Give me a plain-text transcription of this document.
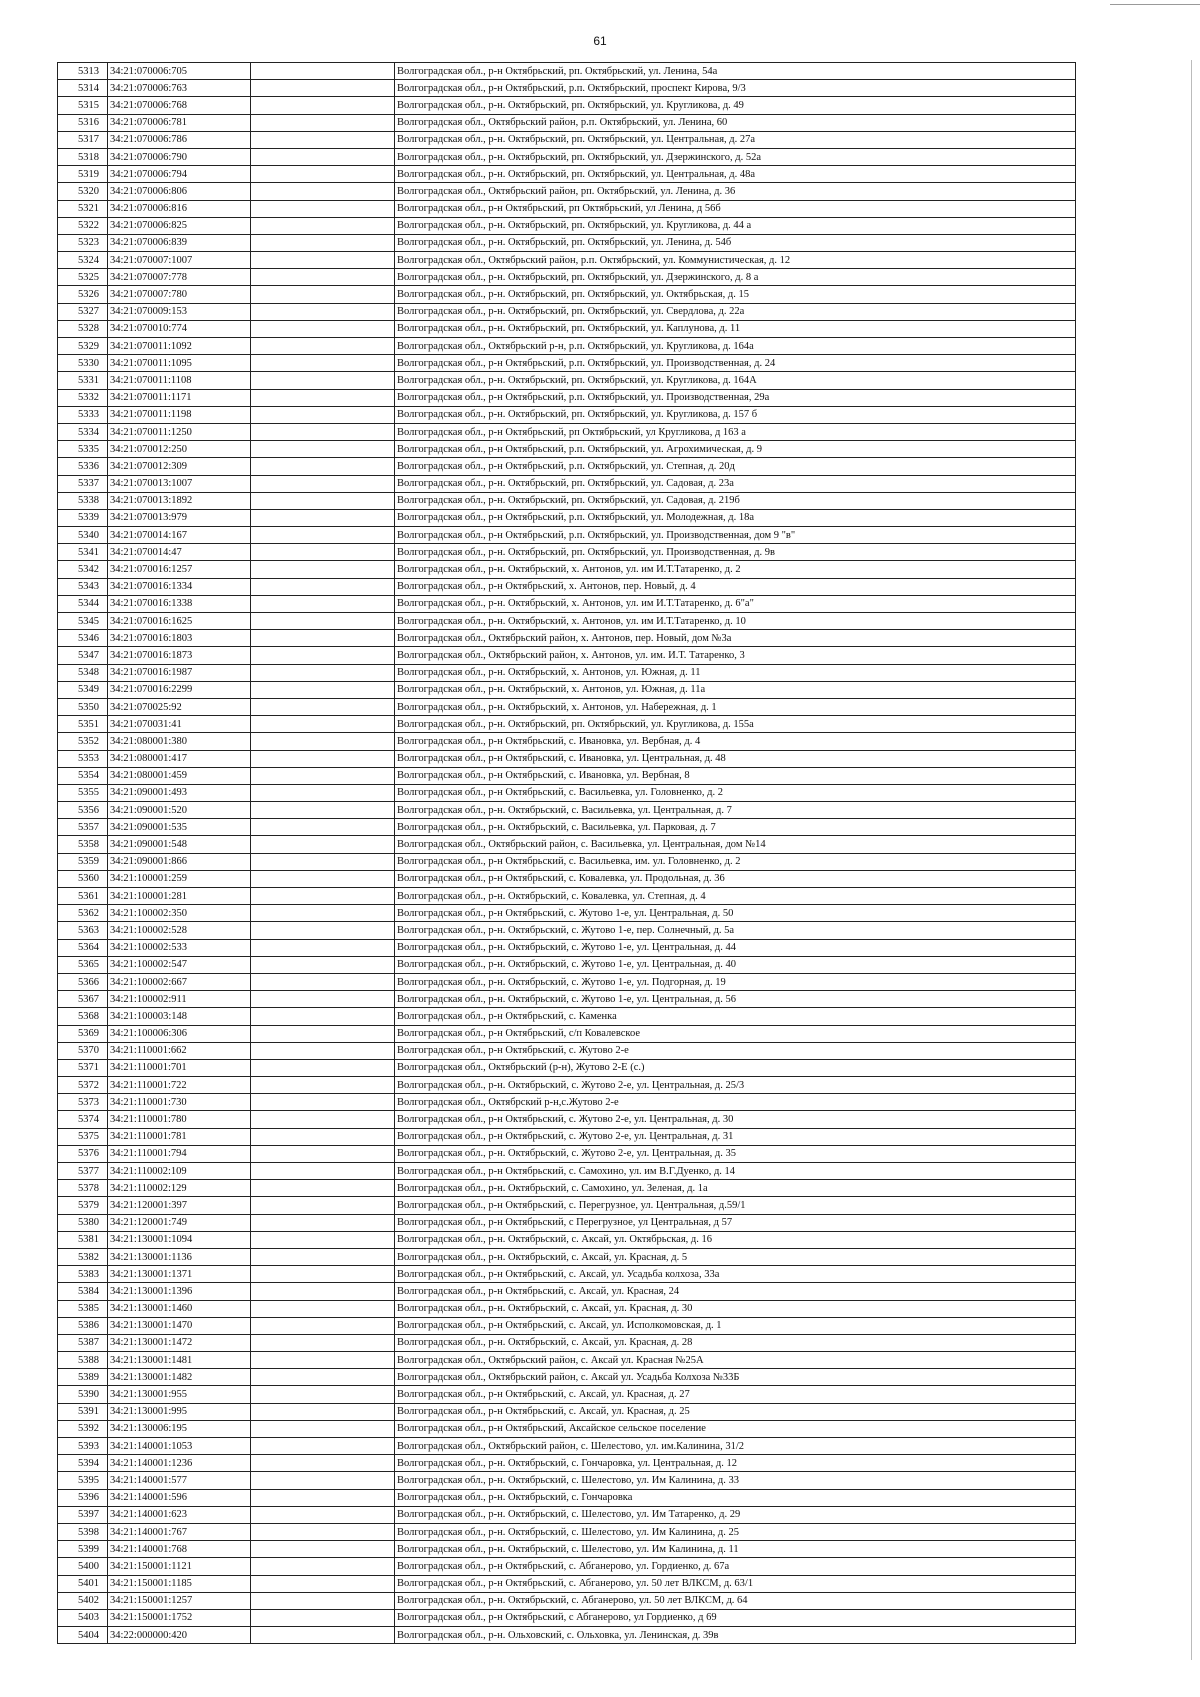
61
5313	34:21:070006:705		Волгоградская обл., р-н Октябрьский, рп. Октябрьский, ул. Ленина, 54а
5314	34:21:070006:763		Волгоградская обл., р-н Октябрьский, р.п. Октябрьский, проспект Кирова, 9/3
5315	34:21:070006:768		Волгоградская обл., р-н. Октябрьский, рп. Октябрьский, ул. Кругликова, д. 49
5316	34:21:070006:781		Волгоградская обл., Октябрьский район, р.п. Октябрьский, ул. Ленина, 60
5317	34:21:070006:786		Волгоградская обл., р-н. Октябрьский, рп. Октябрьский, ул. Центральная, д. 27а
5318	34:21:070006:790		Волгоградская обл., р-н. Октябрьский, рп. Октябрьский, ул. Дзержинского, д. 52а
5319	34:21:070006:794		Волгоградская обл., р-н. Октябрьский, рп. Октябрьский, ул. Центральная, д. 48а
5320	34:21:070006:806		Волгоградская обл., Октябрьский район, рп. Октябрьский, ул. Ленина, д. 36
5321	34:21:070006:816		Волгоградская обл., р-н Октябрьский, рп Октябрьский, ул Ленина, д 56б
5322	34:21:070006:825		Волгоградская обл., р-н. Октябрьский, рп. Октябрьский, ул. Кругликова, д. 44 а
5323	34:21:070006:839		Волгоградская обл., р-н. Октябрьский, рп. Октябрьский, ул. Ленина, д. 54б
5324	34:21:070007:1007		Волгоградская обл., Октябрьский район, р.п. Октябрьский, ул. Коммунистическая, д. 12
5325	34:21:070007:778		Волгоградская обл., р-н. Октябрьский, рп. Октябрьский, ул. Дзержинского, д. 8 а
5326	34:21:070007:780		Волгоградская обл., р-н. Октябрьский, рп. Октябрьский, ул. Октябрьская, д. 15
5327	34:21:070009:153		Волгоградская обл., р-н. Октябрьский, рп. Октябрьский, ул. Свердлова, д. 22а
5328	34:21:070010:774		Волгоградская обл., р-н. Октябрьский, рп. Октябрьский, ул. Каплунова, д. 11
5329	34:21:070011:1092		Волгоградская обл., Октябрьский р-н, р.п. Октябрьский, ул. Кругликова, д. 164а
5330	34:21:070011:1095		Волгоградская обл., р-н Октябрьский, р.п. Октябрьский, ул. Производственная, д. 24
5331	34:21:070011:1108		Волгоградская обл., р-н. Октябрьский, рп. Октябрьский, ул. Кругликова, д. 164А
5332	34:21:070011:1171		Волгоградская обл., р-н Октябрьский, р.п. Октябрьский, ул. Производственная, 29а
5333	34:21:070011:1198		Волгоградская обл., р-н. Октябрьский, рп. Октябрьский, ул. Кругликова, д. 157 б
5334	34:21:070011:1250		Волгоградская обл., р-н Октябрьский, рп Октябрьский, ул Кругликова, д 163 а
5335	34:21:070012:250		Волгоградская обл., р-н Октябрьский, р.п. Октябрьский, ул. Агрохимическая, д. 9
5336	34:21:070012:309		Волгоградская обл., р-н Октябрьский, р.п. Октябрьский, ул. Степная, д. 20д
5337	34:21:070013:1007		Волгоградская обл., р-н. Октябрьский, рп. Октябрьский, ул. Садовая, д. 23а
5338	34:21:070013:1892		Волгоградская обл., р-н. Октябрьский, рп. Октябрьский, ул. Садовая, д. 219б
5339	34:21:070013:979		Волгоградская обл., р-н Октябрьский, р.п. Октябрьский, ул. Молодежная, д. 18а
5340	34:21:070014:167		Волгоградская обл., р-н Октябрьский, р.п. Октябрьский, ул. Производственная, дом 9 "в"
5341	34:21:070014:47		Волгоградская обл., р-н. Октябрьский, рп. Октябрьский, ул. Производственная, д. 9в
5342	34:21:070016:1257		Волгоградская обл., р-н. Октябрьский, х. Антонов, ул. им И.Т.Татаренко, д. 2
5343	34:21:070016:1334		Волгоградская обл., р-н Октябрьский, х. Антонов, пер. Новый, д. 4
5344	34:21:070016:1338		Волгоградская обл., р-н. Октябрьский, х. Антонов, ул. им И.Т.Татаренко, д. 6"а"
5345	34:21:070016:1625		Волгоградская обл., р-н. Октябрьский, х. Антонов, ул. им И.Т.Татаренко, д. 10
5346	34:21:070016:1803		Волгоградская обл., Октябрьский район, х. Антонов, пер. Новый, дом №3а
5347	34:21:070016:1873		Волгоградская обл., Октябрьский район, х. Антонов, ул. им. И.Т. Татаренко, 3
5348	34:21:070016:1987		Волгоградская обл., р-н. Октябрьский, х. Антонов, ул. Южная, д. 11
5349	34:21:070016:2299		Волгоградская обл., р-н. Октябрьский, х. Антонов, ул. Южная, д. 11а
5350	34:21:070025:92		Волгоградская обл., р-н. Октябрьский, х. Антонов, ул. Набережная, д. 1
5351	34:21:070031:41		Волгоградская обл., р-н. Октябрьский, рп. Октябрьский, ул. Кругликова, д. 155а
5352	34:21:080001:380		Волгоградская обл., р-н Октябрьский, с. Ивановка, ул. Вербная, д. 4
5353	34:21:080001:417		Волгоградская обл., р-н Октябрьский, с. Ивановка, ул. Центральная, д. 48
5354	34:21:080001:459		Волгоградская обл., р-н Октябрьский, с. Ивановка, ул. Вербная, 8
5355	34:21:090001:493		Волгоградская обл., р-н Октябрьский, с. Васильевка, ул. Головненко, д. 2
5356	34:21:090001:520		Волгоградская обл., р-н. Октябрьский, с. Васильевка, ул. Центральная, д. 7
5357	34:21:090001:535		Волгоградская обл., р-н. Октябрьский, с. Васильевка, ул. Парковая, д. 7
5358	34:21:090001:548		Волгоградская обл., Октябрьский район, с. Васильевка, ул. Центральная, дом №14
5359	34:21:090001:866		Волгоградская обл., р-н Октябрьский, с. Васильевка, им. ул. Головненко, д. 2
5360	34:21:100001:259		Волгоградская обл., р-н Октябрьский, с. Ковалевка, ул. Продольная, д. 36
5361	34:21:100001:281		Волгоградская обл., р-н. Октябрьский, с. Ковалевка, ул. Степная, д. 4
5362	34:21:100002:350		Волгоградская обл., р-н Октябрьский, с. Жутово 1-е, ул. Центральная, д. 50
5363	34:21:100002:528		Волгоградская обл., р-н. Октябрьский, с. Жутово 1-е, пер. Солнечный, д. 5а
5364	34:21:100002:533		Волгоградская обл., р-н. Октябрьский, с. Жутово 1-е, ул. Центральная, д. 44
5365	34:21:100002:547		Волгоградская обл., р-н. Октябрьский, с. Жутово 1-е, ул. Центральная, д. 40
5366	34:21:100002:667		Волгоградская обл., р-н. Октябрьский, с. Жутово 1-е, ул. Подгорная, д. 19
5367	34:21:100002:911		Волгоградская обл., р-н. Октябрьский, с. Жутово 1-е, ул. Центральная, д. 56
5368	34:21:100003:148		Волгоградская обл., р-н Октябрьский, с. Каменка
5369	34:21:100006:306		Волгоградская обл., р-н Октябрьский, с/п Ковалевское
5370	34:21:110001:662		Волгоградская обл., р-н Октябрьский, с. Жутово 2-е
5371	34:21:110001:701		Волгоградская обл., Октябрьский (р-н), Жутово 2-Е (с.)
5372	34:21:110001:722		Волгоградская обл., р-н. Октябрьский, с. Жутово 2-е, ул. Центральная, д. 25/3
5373	34:21:110001:730		Волгоградская обл., Октябрский р-н,с.Жутово 2-е
5374	34:21:110001:780		Волгоградская обл., р-н Октябрьский, с. Жутово 2-е, ул. Центральная, д. 30
5375	34:21:110001:781		Волгоградская обл., р-н Октябрьский, с. Жутово 2-е, ул. Центральная, д. 31
5376	34:21:110001:794		Волгоградская обл., р-н. Октябрьский, с. Жутово 2-е, ул. Центральная, д. 35
5377	34:21:110002:109		Волгоградская обл., р-н Октябрьский, с. Самохино, ул. им В.Г.Дуенко, д. 14
5378	34:21:110002:129		Волгоградская обл., р-н. Октябрьский, с. Самохино, ул. Зеленая, д. 1а
5379	34:21:120001:397		Волгоградская обл., р-н Октябрьский, с. Перегрузное, ул. Центральная, д.59/1
5380	34:21:120001:749		Волгоградская обл., р-н Октябрьский, с Перегрузное, ул Центральная, д 57
5381	34:21:130001:1094		Волгоградская обл., р-н. Октябрьский, с. Аксай, ул. Октябрьская, д. 16
5382	34:21:130001:1136		Волгоградская обл., р-н. Октябрьский, с. Аксай, ул. Красная, д. 5
5383	34:21:130001:1371		Волгоградская обл., р-н Октябрьский, с. Аксай, ул. Усадьба колхоза, 33а
5384	34:21:130001:1396		Волгоградская обл., р-н Октябрьский, с. Аксай, ул. Красная, 24
5385	34:21:130001:1460		Волгоградская обл., р-н. Октябрьский, с. Аксай, ул. Красная, д. 30
5386	34:21:130001:1470		Волгоградская обл., р-н Октябрьский, с. Аксай, ул. Исполкомовская, д. 1
5387	34:21:130001:1472		Волгоградская обл., р-н. Октябрьский, с. Аксай, ул. Красная, д. 28
5388	34:21:130001:1481		Волгоградская обл., Октябрьский район, с. Аксай ул. Красная №25А
5389	34:21:130001:1482		Волгоградская обл., Октябрьский район, с. Аксай ул. Усадьба Колхоза №33Б
5390	34:21:130001:955		Волгоградская обл., р-н Октябрьский, с. Аксай, ул. Красная, д. 27
5391	34:21:130001:995		Волгоградская обл., р-н Октябрьский, с. Аксай, ул. Красная, д. 25
5392	34:21:130006:195		Волгоградская обл., р-н Октябрьский, Аксайское сельское поселение
5393	34:21:140001:1053		Волгоградская обл., Октябрьский район, с. Шелестово, ул. им.Калинина, 31/2
5394	34:21:140001:1236		Волгоградская обл., р-н. Октябрьский, с. Гончаровка, ул. Центральная, д. 12
5395	34:21:140001:577		Волгоградская обл., р-н. Октябрьский, с. Шелестово, ул. Им Калинина, д. 33
5396	34:21:140001:596		Волгоградская обл., р-н. Октябрьский, с. Гончаровка
5397	34:21:140001:623		Волгоградская обл., р-н. Октябрьский, с. Шелестово, ул. Им Татаренко, д. 29
5398	34:21:140001:767		Волгоградская обл., р-н. Октябрьский, с. Шелестово, ул. Им Калинина, д. 25
5399	34:21:140001:768		Волгоградская обл., р-н. Октябрьский, с. Шелестово, ул. Им Калинина, д. 11
5400	34:21:150001:1121		Волгоградская обл., р-н Октябрьский, с. Абганерово, ул. Гордиенко, д. 67а
5401	34:21:150001:1185		Волгоградская обл., р-н Октябрьский, с. Абганерово, ул. 50 лет ВЛКСМ, д. 63/1
5402	34:21:150001:1257		Волгоградская обл., р-н. Октябрьский, с. Абганерово, ул. 50 лет ВЛКСМ, д. 64
5403	34:21:150001:1752		Волгоградская обл., р-н Октябрьский, с Абганерово, ул Гордиенко, д 69
5404	34:22:000000:420		Волгоградская обл., р-н. Ольховский, с. Ольховка, ул. Ленинская, д. 39в
